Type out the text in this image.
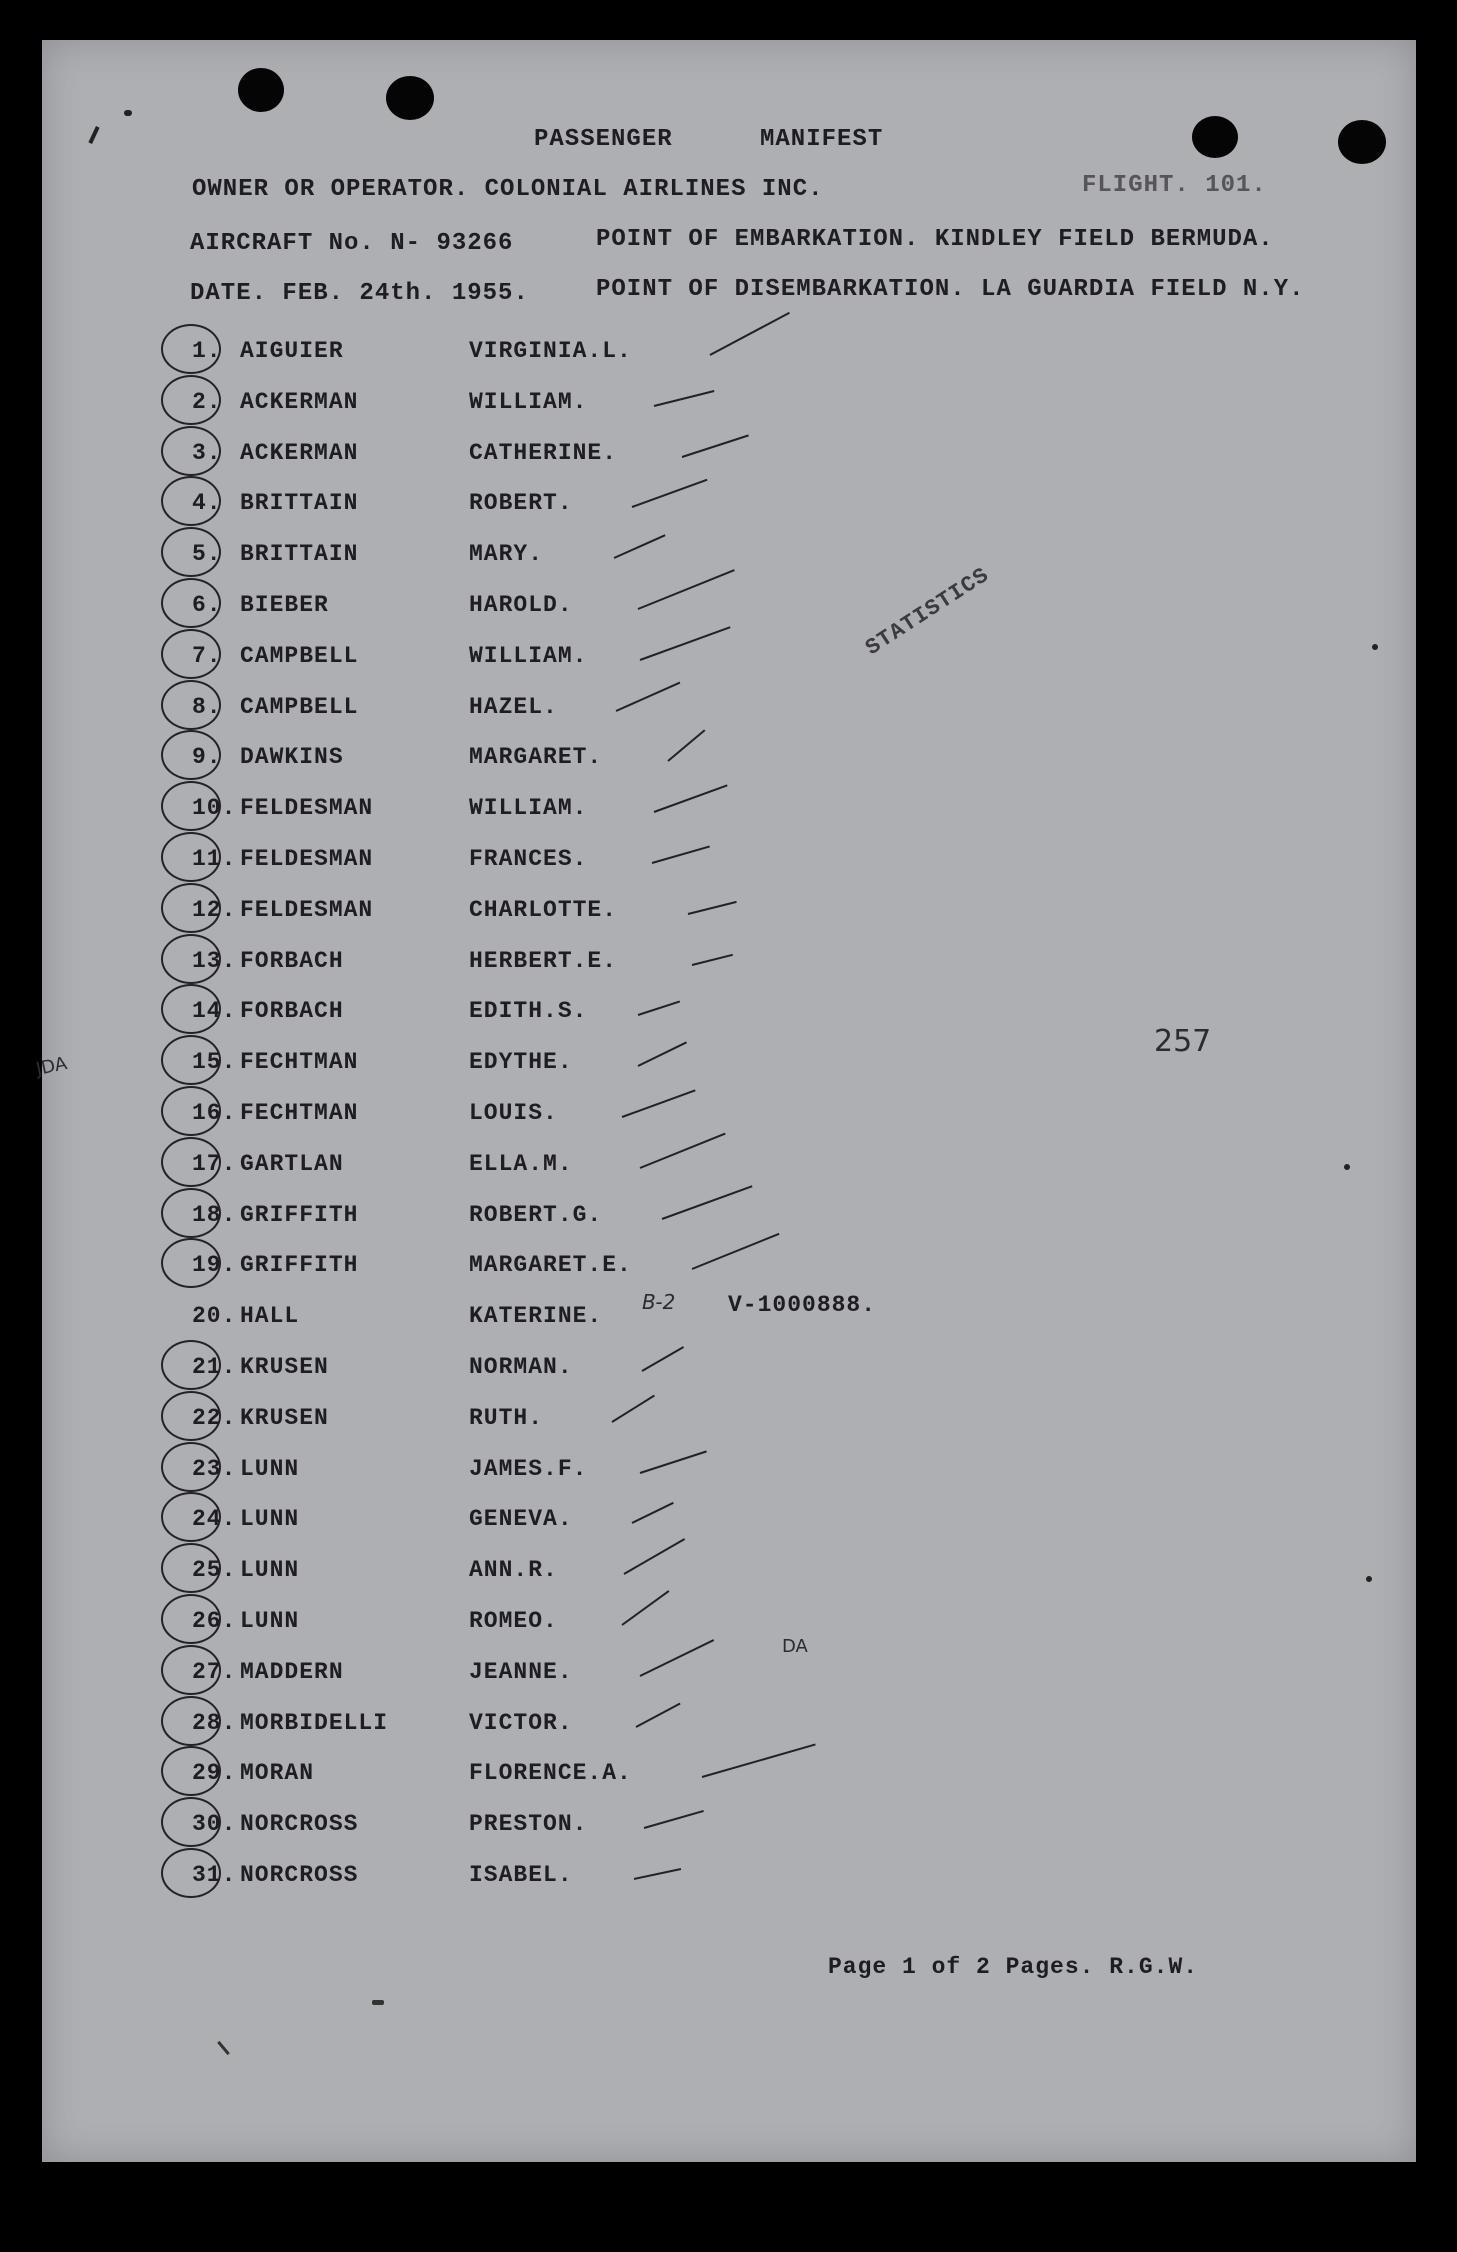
PASSENGER	MANIFEST
OWNER OR OPERATOR. COLONIAL AIRLINES INC.	FLIGHT. 101.
AIRCRAFT No. N- 93266	POINT OF EMBARKATION. KINDLEY FIELD BERMUDA.
DATE. FEB. 24th. 1955.	POINT OF DISEMBARKATION. LA GUARDIA FIELD N.Y.
1. AIGUIER	VIRGINIA.L.
2. ACKERMAN	WILLIAM.
3. ACKERMAN	CATHERINE.
4. BRITTAIN	ROBERT.
5. BRITTAIN	MARY.
6. BIEBER	HAROLD.
7. CAMPBELL	WILLIAM.
8. CAMPBELL	HAZEL.
9. DAWKINS	MARGARET.
10. FELDESMAN	WILLIAM.
11. FELDESMAN	FRANCES.
12. FELDESMAN	CHARLOTTE.
13. FORBACH	HERBERT.E.
14. FORBACH	EDITH.S.
15. FECHTMAN	EDYTHE.
16. FECHTMAN	LOUIS.
17. GARTLAN	ELLA.M.
18. GRIFFITH	ROBERT.G.
19. GRIFFITH	MARGARET.E.
20. HALL	KATERINE.
21. KRUSEN	NORMAN.
22. KRUSEN	RUTH.
23. LUNN	JAMES.F.
24. LUNN	GENEVA.
25. LUNN	ANN.R.
26. LUNN	ROMEO.
27. MADDERN	JEANNE.
28. MORBIDELLI	VICTOR.
29. MORAN	FLORENCE.A.
30. NORCROSS	PRESTON.
31. NORCROSS	ISABEL.
B-2 V-1000888.
STATISTICS
257
JDA
DA
Page 1 of 2 Pages. R.G.W.
